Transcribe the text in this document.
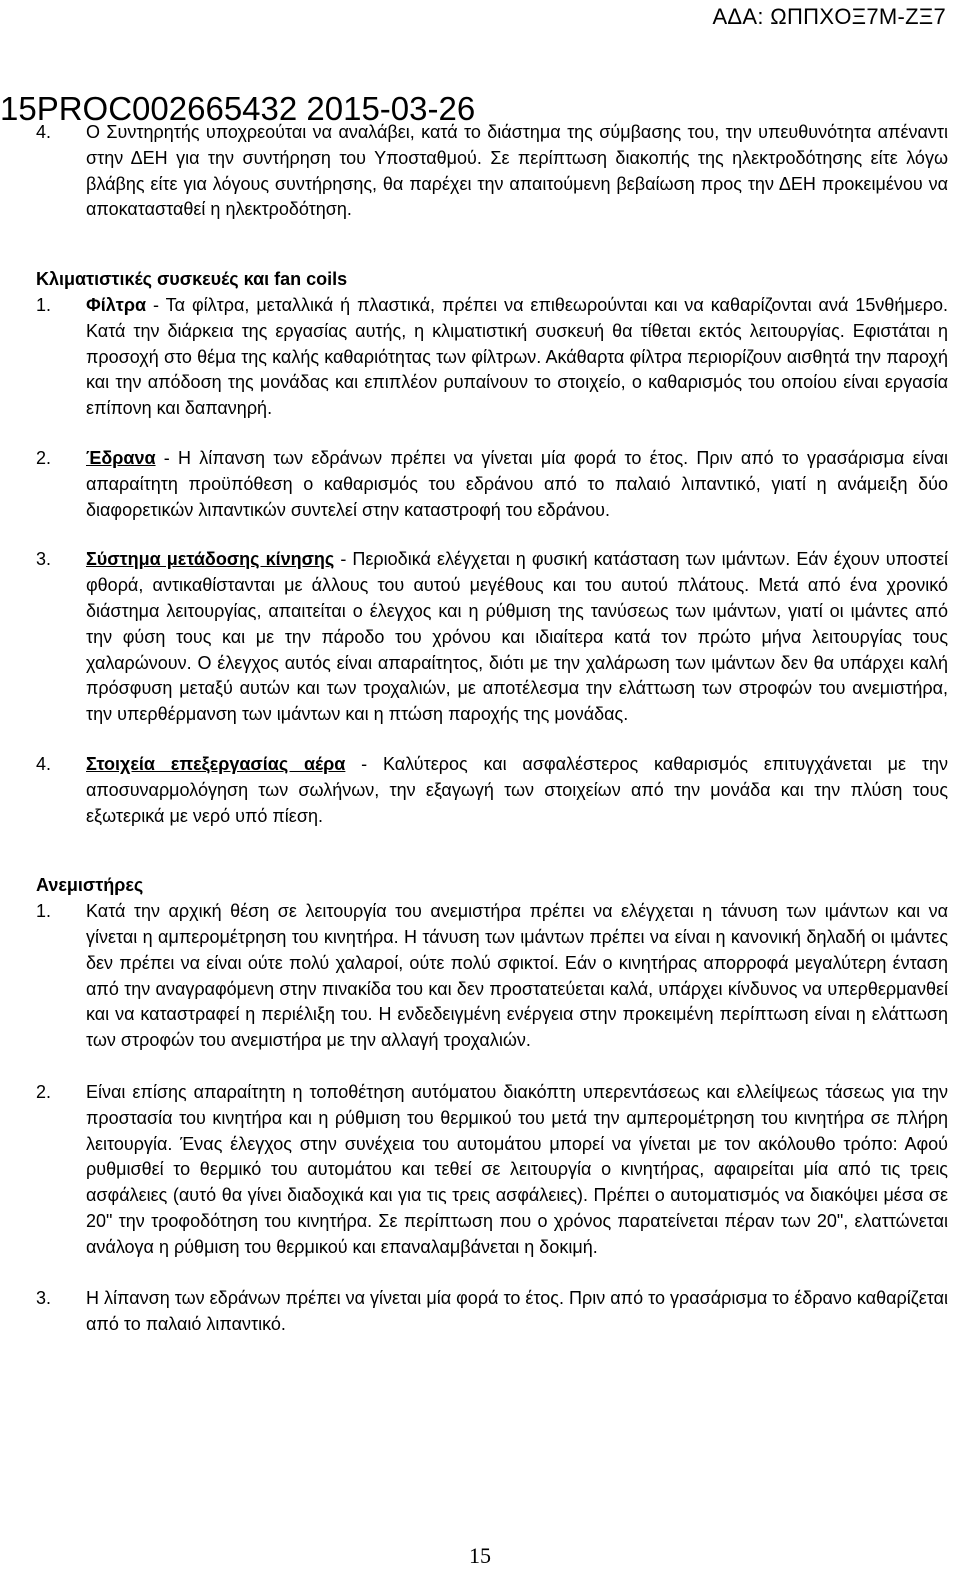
ΑΔΑ: ΩΠΠΧΟΞ7Μ-ΖΞ7
4.	Ο Συντηρητής υποχρεούται να αναλάβει, κατά το διάστημα της σύμβασης του, την υπευθυνότητα απέναντι στην ΔΕΗ για την συντήρηση του Υποσταθμού. Σε περίπτωση διακοπής της ηλεκτροδότησης είτε λόγω βλάβης είτε για λόγους συντήρησης, θα παρέχει την απαιτούμενη βεβαίωση προς την ΔΕΗ προκειμένου να αποκατασταθεί η ηλεκτροδότηση.
Κλιματιστικές συσκευές και fan coils
1.	Φίλτρα - Τα φίλτρα, μεταλλικά ή πλαστικά, πρέπει να επιθεωρούνται και να καθαρίζονται ανά 15νθήμερο. Κατά την διάρκεια της εργασίας αυτής, η κλιματιστική συσκευή θα τίθεται εκτός λειτουργίας. Εφιστάται η προσοχή στο θέμα της καλής καθαριότητας των φίλτρων. Ακάθαρτα φίλτρα περιορίζουν αισθητά την παροχή και την απόδοση της μονάδας και επιπλέον ρυπαίνουν το στοιχείο, ο καθαρισμός του οποίου είναι εργασία επίπονη και δαπανηρή.
2.	Έδρανα - Η λίπανση των εδράνων πρέπει να γίνεται μία φορά το έτος. Πριν από το γρασάρισμα είναι απαραίτητη προϋπόθεση ο καθαρισμός του εδράνου από το παλαιό λιπαντικό, γιατί η ανάμειξη δύο διαφορετικών λιπαντικών συντελεί στην καταστροφή του εδράνου.
3.	Σύστημα μετάδοσης κίνησης - Περιοδικά ελέγχεται η φυσική κατάσταση των ιμάντων. Εάν έχουν υποστεί φθορά, αντικαθίστανται με άλλους του αυτού μεγέθους και του αυτού πλάτους. Μετά από ένα χρονικό διάστημα λειτουργίας, απαιτείται ο έλεγχος και η ρύθμιση της τανύσεως των ιμάντων, γιατί οι ιμάντες από την φύση τους και με την πάροδο του χρόνου και ιδιαίτερα κατά τον πρώτο μήνα λειτουργίας τους χαλαρώνουν. Ο έλεγχος αυτός είναι απαραίτητος, διότι με την χαλάρωση των ιμάντων δεν θα υπάρχει καλή πρόσφυση μεταξύ αυτών και των τροχαλιών, με αποτέλεσμα την ελάττωση των στροφών του ανεμιστήρα, την υπερθέρμανση των ιμάντων και η πτώση παροχής της μονάδας.
4.	Στοιχεία επεξεργασίας αέρα - Καλύτερος και ασφαλέστερος καθαρισμός επιτυγχάνεται με την αποσυναρμολόγηση των σωλήνων, την εξαγωγή των στοιχείων από την μονάδα και την πλύση τους εξωτερικά με νερό υπό πίεση.
Ανεμιστήρες
1.	Κατά την αρχική θέση σε λειτουργία του ανεμιστήρα πρέπει να ελέγχεται η τάνυση των ιμάντων και να γίνεται η αμπερομέτρηση του κινητήρα. Η τάνυση των ιμάντων πρέπει να είναι η κανονική δηλαδή οι ιμάντες δεν πρέπει να είναι ούτε πολύ χαλαροί, ούτε πολύ σφικτοί. Εάν ο κινητήρας απορροφά μεγαλύτερη ένταση από την αναγραφόμενη στην πινακίδα του και δεν προστατεύεται καλά, υπάρχει κίνδυνος να υπερθερμανθεί και να καταστραφεί η περιέλιξη του. Η ενδεδειγμένη ενέργεια στην προκειμένη περίπτωση είναι η ελάττωση των στροφών του ανεμιστήρα με την αλλαγή τροχαλιών.
2.	Είναι επίσης απαραίτητη η τοποθέτηση αυτόματου διακόπτη υπερεντάσεως και ελλείψεως τάσεως για την προστασία του κινητήρα και η ρύθμιση του θερμικού του μετά την αμπερομέτρηση του κινητήρα σε πλήρη λειτουργία. Ένας έλεγχος στην συνέχεια του αυτομάτου μπορεί να γίνεται με τον ακόλουθο τρόπο: Αφού ρυθμισθεί το θερμικό του αυτομάτου και τεθεί σε λειτουργία ο κινητήρας, αφαιρείται μία από τις τρεις ασφάλειες (αυτό θα γίνει διαδοχικά και για τις τρεις ασφάλειες). Πρέπει ο αυτοματισμός να διακόψει μέσα σε 20" την τροφοδότηση του κινητήρα. Σε περίπτωση που ο χρόνος παρατείνεται πέραν των 20", ελαττώνεται ανάλογα η ρύθμιση του θερμικού και επαναλαμβάνεται η δοκιμή.
3.	Η λίπανση των εδράνων πρέπει να γίνεται μία φορά το έτος. Πριν από το γρασάρισμα το έδρανο καθαρίζεται από το παλαιό λιπαντικό.
15PROC002665432 2015-03-26
15
